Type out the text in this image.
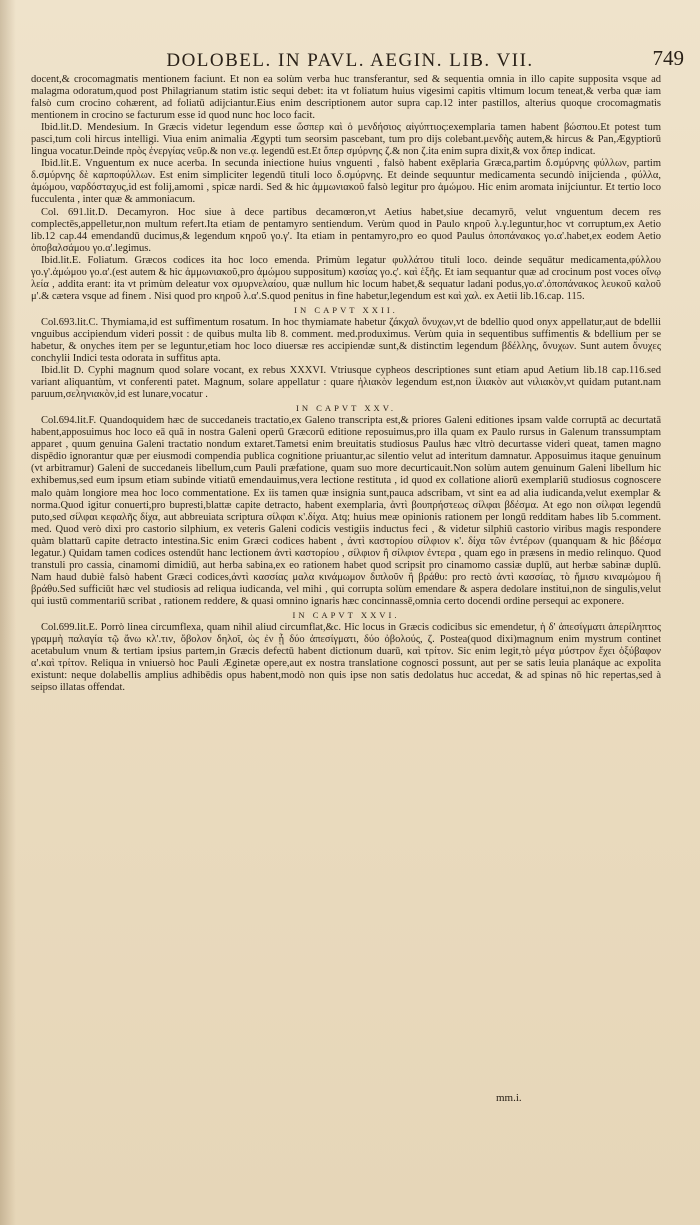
DOLOBEL. IN PAVL. AEGIN. LIB. VII.	749

docent,& crocomagmatis mentionem faciunt. Et non ea solùm verba huc transferantur, sed & sequentia omnia in illo capite supposita vsque ad malagma odoratum,quod post Philagrianum statim istic sequi debet: ita vt foliatum huius vigesimi capitis vltimum locum teneat,& verba quæ iam falsò cum crocino cohærent, ad foliatū adijciantur.Eius enim descriptionem autor supra cap.12 inter pastillos, alterius quoque crocomagmatis mentionem in crocino se facturum esse id quod nunc hoc loco facit.

Ibid.lit.D. Mendesium. In Græcis videtur legendum esse ὥσπερ καὶ ὁ μενδήσιος αἰγύπτιος:exemplaria tamen habent βώσπου.Et potest tum pasci,tum coli hircus intelligi. Viua enim animalia Ægypti tum seorsim pascebant, tum pro dijs colebant.μενδὴς autem,& hircus & Pan,Ægyptiorū lingua vocatur.Deinde πρὸς ἐνεργίας νεῦρ.& non νε.ᾳ. legendū est.Et ὅπερ σμύρνης ζ.& non ζ.ita enim supra dixit,& vox ὅπερ indicat.

Ibid.lit.E. Vnguentum ex nuce acerba. In secunda iniectione huius vnguenti , falsò habent exēplaria Græca,partim δ.σμύρνης φύλλων, partim δ.σμύρνης δὲ καρποφύλλων. Est enim simpliciter legendū tituli loco δ.σμύρνης. Et deinde sequuntur medicamenta secundò inijcienda , φύλλα, ἀμώμου, ναρδόσταχυς,id est folij,amomi , spicæ nardi. Sed & hic ἀμμωνιακοῦ falsò legitur pro ἀμώμου. Hic enim aromata inijciuntur. Et tertio loco fucculenta , inter quæ & ammoniacum.

Col. 691.lit.D. Decamyron. Hoc siue à dece partibus decamœron,vt Aetius habet,siue decamyrō, velut vnguentum decem res complectēs,appelletur,non multum refert.Ita etiam de pentamyro sentiendum. Verùm quod in Paulo κηροῦ λ.γ.leguntur,hoc vt corruptum,ex Aetio lib.12 cap.44 emendandū ducimus,& legendum κηροῦ γο.γ'. Ita etiam in pentamyro,pro eo quod Paulus ὀποπάνακος γο.α'.habet,ex eodem Aetio ὀποβαλσάμου γο.α'.legimus.

Ibid.lit.E. Foliatum. Græcos codices ita hoc loco emenda. Primùm legatur φυλλάτου tituli loco. deinde sequātur medicamenta,φύλλου γο.γ'.ἀμώμου γο.α'.(est autem & hic ἀμμωνιακοῦ,pro ἀμώμου suppositum) κασίας γο.ς'. καὶ ἑξῆς. Et iam sequantur quæ ad crocinum post voces οἴνῳ λεία , addita erant: ita vt primùm deleatur vox σμυρνελαίου, quæ nullum hic locum habet,& sequatur ladani podus,γο.α'.ὀποπάνακος λευκοῦ καλοῦ μ'.& cætera vsque ad finem . Nisi quod pro κηροῦ λ.α'.S.quod penitus in fine habetur,legendum est καὶ χαλ. ex Aetii lib.16.cap. 115.

IN CAPVT XXII.

Col.693.lit.C. Thymiama,id est suffimentum rosatum. In hoc thymiamate habetur ζάκχαλ ὄνυχων,vt de bdellio quod onyx appellatur,aut de bdellii vnguibus accipiendum videri possit : de quibus multa lib 8. comment. med.produximus. Verùm quia in sequentibus suffimentis & bdellium per se habetur, & onyches item per se leguntur,etiam hoc loco diuersæ res accipiendæ sunt,& distinctim legendum βδέλλης, ὄνυχων. Sunt autem ὄνυχες conchylii Indici testa odorata in suffitus apta.

Ibid.lit D. Cyphi magnum quod solare vocant, ex rebus XXXVI. Vtriusque cypheos descriptiones sunt etiam apud Aetium lib.18 cap.116.sed variant aliquantùm, vt conferenti patet. Magnum, solare appellatur : quare ἡλιακὸν legendum est,non ἰλιακὸν aut νιλιακὸν,vt quidam putant.nam paruum,σεληνιακὸν,id est lunare,vocatur .

IN CAPVT XXV.

Col.694.lit.F. Quandoquidem hæc de succedaneis tractatio,ex Galeno transcripta est,& priores Galeni editiones ipsam valde corruptā ac decurtatā habent,apposuimus hoc loco eā quā in nostra Galeni operū Græcorū editione reposuimus,pro illa quam ex Paulo rursus in Galenum transsumptam apparet , quum genuina Galeni tractatio nondum extaret.Tametsi enim breuitatis studiosus Paulus hæc vltrò decurtasse videri queat, tamen magno dispēdio ignorantur quæ per eiusmodi compendia publica cognitione priuantur,ac silentio velut ad interitum damnatur. Apposuimus itaque genuinum (vt arbitramur) Galeni de succedaneis libellum,cum Pauli præfatione, quam suo more decurticauit.Non solùm autem genuinum Galeni libellum hic exhibemus,sed eum ipsum etiam subinde vitiatū emendauimus,vera lectione restituta , id quod ex collatione aliorū exemplariū studiosus cognoscere malo quàm longiore mea hoc loco commentatione. Ex iis tamen quæ insignia sunt,pauca adscribam, vt sint ea ad alia iudicanda,velut exemplar & norma.Quod igitur conuerti,pro bupresti,blattæ capite detracto, habent exemplaria, ἀντὶ βουπρήστεως σίλφαι βδέσμα. At ego non σίλφαι legendū puto,sed σίλφαι κεφαλῆς δίχα, aut abbreuiata scriptura σίλφαι κ'.δίχα. Atq; huius meæ opinionis rationem per longū redditam habes lib 5.comment. med. Quod verò dixi pro castorio silphium, ex veteris Galeni codicis vestigiis inductus feci , & videtur silphiū castorio viribus magis respondere quàm blattarū capite detracto intestina.Sic enim Græci codices habent , ἀντὶ καστορίου σίλφιον κ'. δίχα τῶν ἐντέρων (quanquam & hic βδέσμα legatur.) Quidam tamen codices ostendūt hanc lectionem ἀντὶ καστορίου , σίλφιον ἢ σίλφιον ἐντερα , quam ego in præsens in medio relinquo. Quod transtuli pro cassia, cinamomi dimidiū, aut herba sabina,ex eo rationem habet quod scripsit pro cinamomo cassiæ duplū, aut herbæ sabinæ duplū. Nam haud dubiè falsò habent Græci codices,ἀντὶ κασσίας μαλα κινάμωμον διπλοῦν ἢ βράθυ: pro rectò ἀντὶ κασσίας, τὸ ἥμισυ κιναμώμου ἢ βράθυ.Sed sufficiūt hæc vel studiosis ad reliqua iudicanda, vel mihi , qui corrupta solùm emendare & aspera dedolare institui,non de singulis,velut qui iustū commentariū scribat , rationem reddere, & quasi omnino ignaris hæc concinnassē,omnia certo docendi ordine persequi ac exponere.

IN CAPVT XXVI.

Col.699.lit.E. Porrò linea circumflexa, quam nihil aliud circumflat,&c. Hic locus in Græcis codicibus sic emendetur, ἡ δ' ἀπεσίγματι ἁπερίληπτος γραμμὴ παλαγία τῷ ἄνω κλ'.τιν, ὄβολον δηλοῖ, ὡς ἐν ᾗ δύο ἀπεσίγματι, δύο ὀβολούς, ζ. Postea(quod dixi)magnum enim mystrum continet acetabulum vnum & tertiam ipsius partem,in Græcis defectū habent dictionum duarū, καὶ τρίτον. Sic enim legit,τὸ μέγα μύστρον ἔχει ὀξύβαφον α'.καὶ τρίτον. Reliqua in vniuersò hoc Pauli Æginetæ opere,aut ex nostra translatione cognosci possunt, aut per se satis leuia planáque ac expolita existunt: neque dolabellis amplius adhibēdis opus habent,modò non quis ipse non satis dedolatus huc accedat, & ad spinas nō hic repertas,sed à seipso illatas offendat.

mm.i.
